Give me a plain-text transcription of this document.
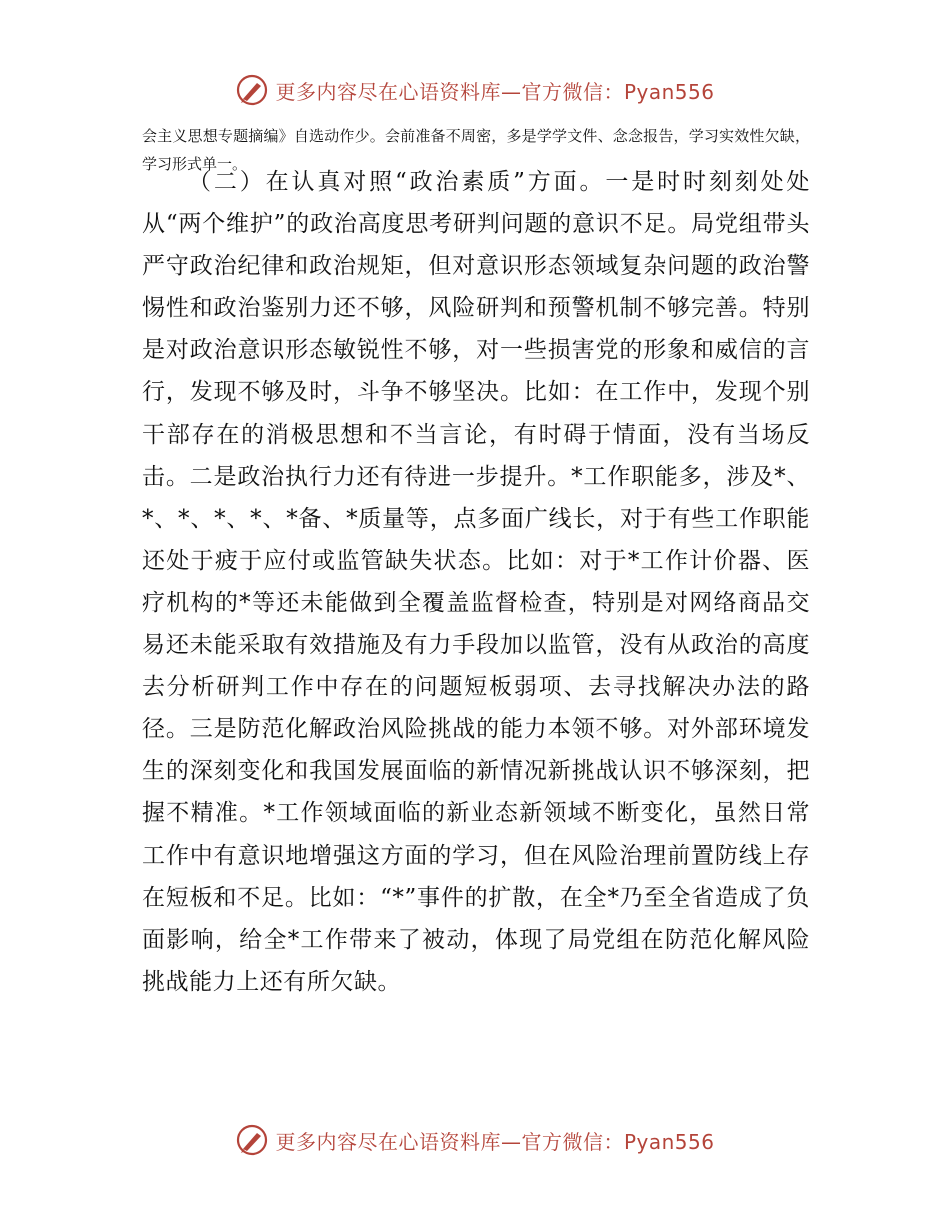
更多内容尽在心语资料库—官方微信：Pyan556

会主义思想专题摘编》自选动作少。会前准备不周密，多是学学文件、念念报告，学习实效性欠缺，学习形式单一。

（二）在认真对照“政治素质”方面。一是时时刻刻处处从“两个维护”的政治高度思考研判问题的意识不足。局党组带头严守政治纪律和政治规矩，但对意识形态领域复杂问题的政治警惕性和政治鉴别力还不够，风险研判和预警机制不够完善。特别是对政治意识形态敏锐性不够，对一些损害党的形象和威信的言行，发现不够及时，斗争不够坚决。比如：在工作中，发现个别干部存在的消极思想和不当言论，有时碍于情面，没有当场反击。二是政治执行力还有待进一步提升。*工作职能多，涉及*、*、*、*、*、*备、*质量等，点多面广线长，对于有些工作职能还处于疲于应付或监管缺失状态。比如：对于*工作计价器、医疗机构的*等还未能做到全覆盖监督检查，特别是对网络商品交易还未能采取有效措施及有力手段加以监管，没有从政治的高度去分析研判工作中存在的问题短板弱项、去寻找解决办法的路径。三是防范化解政治风险挑战的能力本领不够。对外部环境发生的深刻变化和我国发展面临的新情况新挑战认识不够深刻，把握不精准。*工作领域面临的新业态新领域不断变化，虽然日常工作中有意识地增强这方面的学习，但在风险治理前置防线上存在短板和不足。比如：“*”事件的扩散，在全*乃至全省造成了负面影响，给全*工作带来了被动，体现了局党组在防范化解风险挑战能力上还有所欠缺。

更多内容尽在心语资料库—官方微信：Pyan556
